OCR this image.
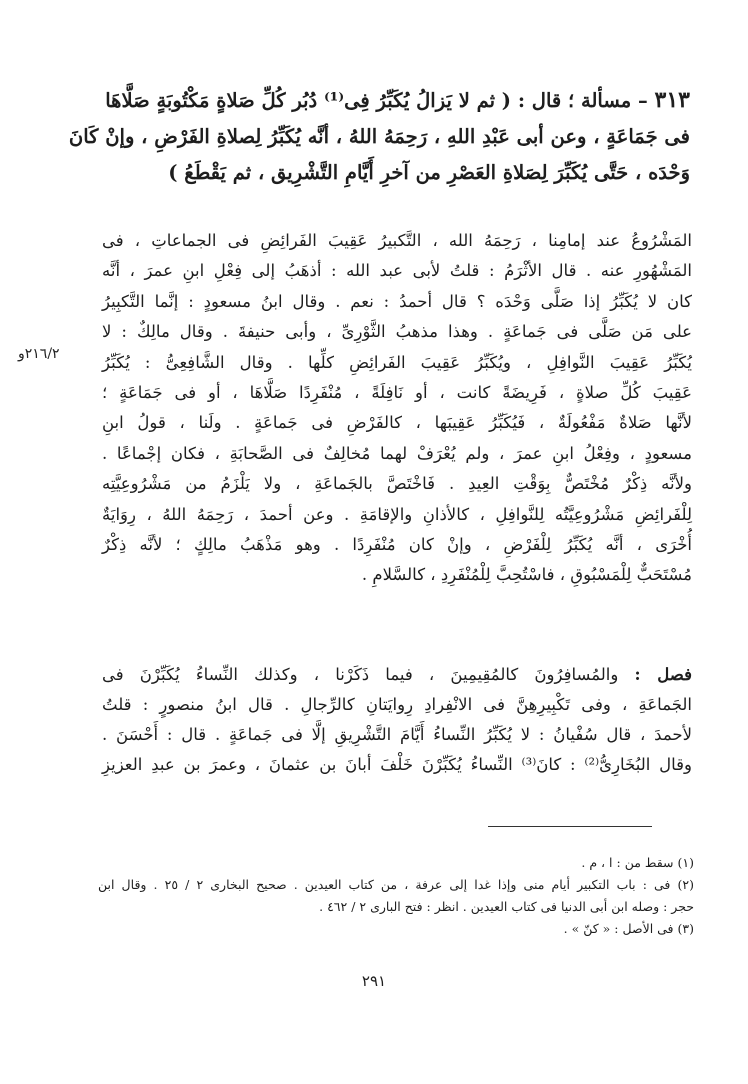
٣١٣ – مسألة ؛ قال : ( ثم لا يَزالُ يُكَبِّرُ فِى⁽¹⁾ دُبُر كُلِّ صَلاةٍ مَكْتُوبَةٍ صَلَّاهَا
فى جَمَاعَةٍ ، وعن أبى عَبْدِ اللهِ ، رَحِمَهُ اللهُ ، أنَّه يُكَبِّرُ لِصلاةِ الفَرْضِ ، وإنْ كَانَ
وَحْدَه ، حَتَّى يُكَبِّرَ لِصَلاةِ العَصْرِ من آخرِ أَيَّامِ التَّشْرِيق ، ثم يَقْطَعُ )
المَشْرُوعُ عند إمامِنا ، رَحِمَهُ الله ، التَّكبيرُ عَقِيبَ الفَرائِضِ فى الجماعاتِ ، فى
المَشْهُورِ عنه . قال الأثْرَمُ : قلتُ لأبى عبد الله : أذهَبُ إلى فِعْلِ ابنِ عمرَ ، أنَّه
كان لا يُكَبِّرُ إذا صَلَّى وَحْدَه ؟ قال أحمدُ : نعم . وقال ابنُ مسعودٍ : إنَّما التَّكبِيرُ
على مَن صَلَّى فى جَماعَةٍ . وهذا مذهبُ الثَّوْرِىِّ ، وأبى حنيفةَ . وقال مالِكٌ : لا
يُكَبِّرُ عَقِيبَ النَّوافِلِ ، ويُكَبِّرُ عَقِيبَ الفَرائِضِ كلِّها . وقال الشَّافِعِىُّ : يُكَبِّرُ
عَقِيبَ كُلِّ صلاةٍ ، فَرِيضَةً كانت ، أو نَافِلَةً ، مُنْفَرِدًا صَلَّاهَا ، أو فى جَمَاعَةٍ ؛
لأنَّها صَلاةٌ مَفْعُولَةٌ ، فَيُكَبِّرُ عَقِيبَها ، كالفَرْضِ فى جَماعَةٍ . ولَنا ، قولُ ابنِ
مسعودٍ ، وفِعْلُ ابنِ عمرَ ، ولم يُعْرَفْ لهما مُخالِفٌ فى الصَّحابَةِ ، فكان إجْماعًا .
ولأنَّه ذِكْرٌ مُخْتَصٌّ بِوَقْتِ العِيدِ . فَاخْتَصَّ بالجَماعَةِ ، ولا يَلْزَمُ من مَشْرُوعِيَّتِه
لِلْفَرائِضِ مَشْرُوعِيَّتُه لِلنَّوافِلِ ، كالأذانِ والإقامَةِ . وعن أحمدَ ، رَحِمَهُ اللهُ ، رِوَايَةٌ
أُخْرَى ، أنَّه يُكَبِّرُ لِلْفَرْضِ ، وإنْ كان مُنْفَرِدًا . وهو مَذْهَبُ مالِكٍ ؛ لأنَّه ذِكْرٌ
مُسْتَحَبٌّ لِلْمَسْبُوقِ ، فاسْتُحِبَّ لِلْمُنْفَرِدِ ، كالسَّلامِ .
٢١٦/٢و
فصل : والمُسافِرُونَ كالمُقِيمِينَ ، فيما ذَكَرْنا ، وكذلك النِّساءُ يُكَبِّرْنَ فى
الجَماعَةِ ، وفى تَكْبِيرِهِنَّ فى الانْفِرادِ رِوايَتانِ كالرِّجالِ . قال ابنُ منصورٍ : قلتُ
لأحمدَ ، قال سُفْيانُ : لا يُكَبِّرُ النِّساءُ أَيَّامَ التَّشْرِيقِ إلَّا فى جَماعَةٍ . قال : أَحْسَنَ .
وقال البُخَارِىُّ⁽²⁾ : كانَ⁽³⁾ النِّساءُ يُكَبِّرْنَ خَلْفَ أبانَ بن عثمانَ ، وعمرَ بن عبدِ العزيزِ
(١) سقط من : ا ، م .
(٢) فى : باب التكبير أيام منى وإذا غدا إلى عرفة ، من كتاب العيدين . صحيح البخارى ٢ / ٢٥ . وقال ابن
حجر : وصله ابن أبى الدنيا فى كتاب العيدين . انظر : فتح البارى ٢ / ٤٦٢ .
(٣) فى الأصل : « كنّ » .
٢٩١
